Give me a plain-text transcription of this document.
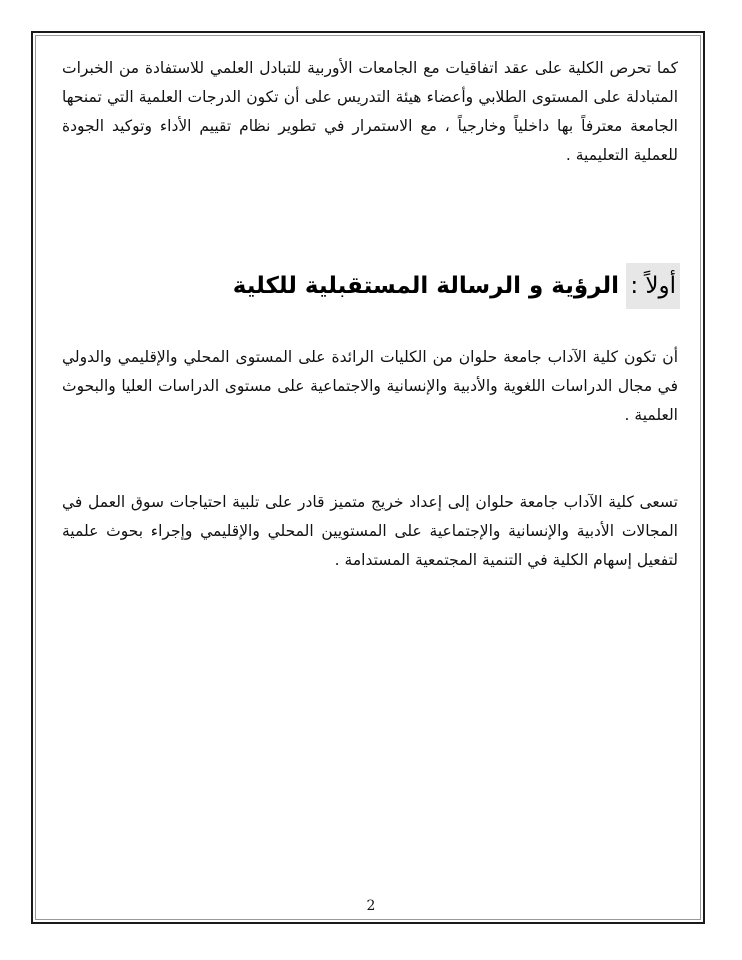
كما تحرص الكلية على عقد اتفاقيات مع الجامعات الأوربية للتبادل العلمي للاستفادة من الخبرات المتبادلة على المستوى الطلابي وأعضاء هيئة التدريس على أن تكون الدرجات العلمية التي تمنحها الجامعة معترفاً بها داخلياً وخارجياً ، مع الاستمرار في تطوير نظام تقييم الأداء وتوكيد الجودة للعملية التعليمية .

أولاً : الرؤية و الرسالة المستقبلية للكلية

أن تكون كلية الآداب جامعة حلوان من الكليات الرائدة على المستوى المحلي والإقليمي والدولي في مجال الدراسات اللغوية والأدبية والإنسانية والاجتماعية على مستوى الدراسات العليا والبحوث العلمية .

تسعى كلية الآداب جامعة حلوان إلى إعداد خريج متميز قادر على تلبية احتياجات سوق العمل في المجالات الأدبية والإنسانية والإجتماعية على المستويين المحلي والإقليمي وإجراء بحوث علمية لتفعيل إسهام الكلية في التنمية المجتمعية المستدامة .

2
